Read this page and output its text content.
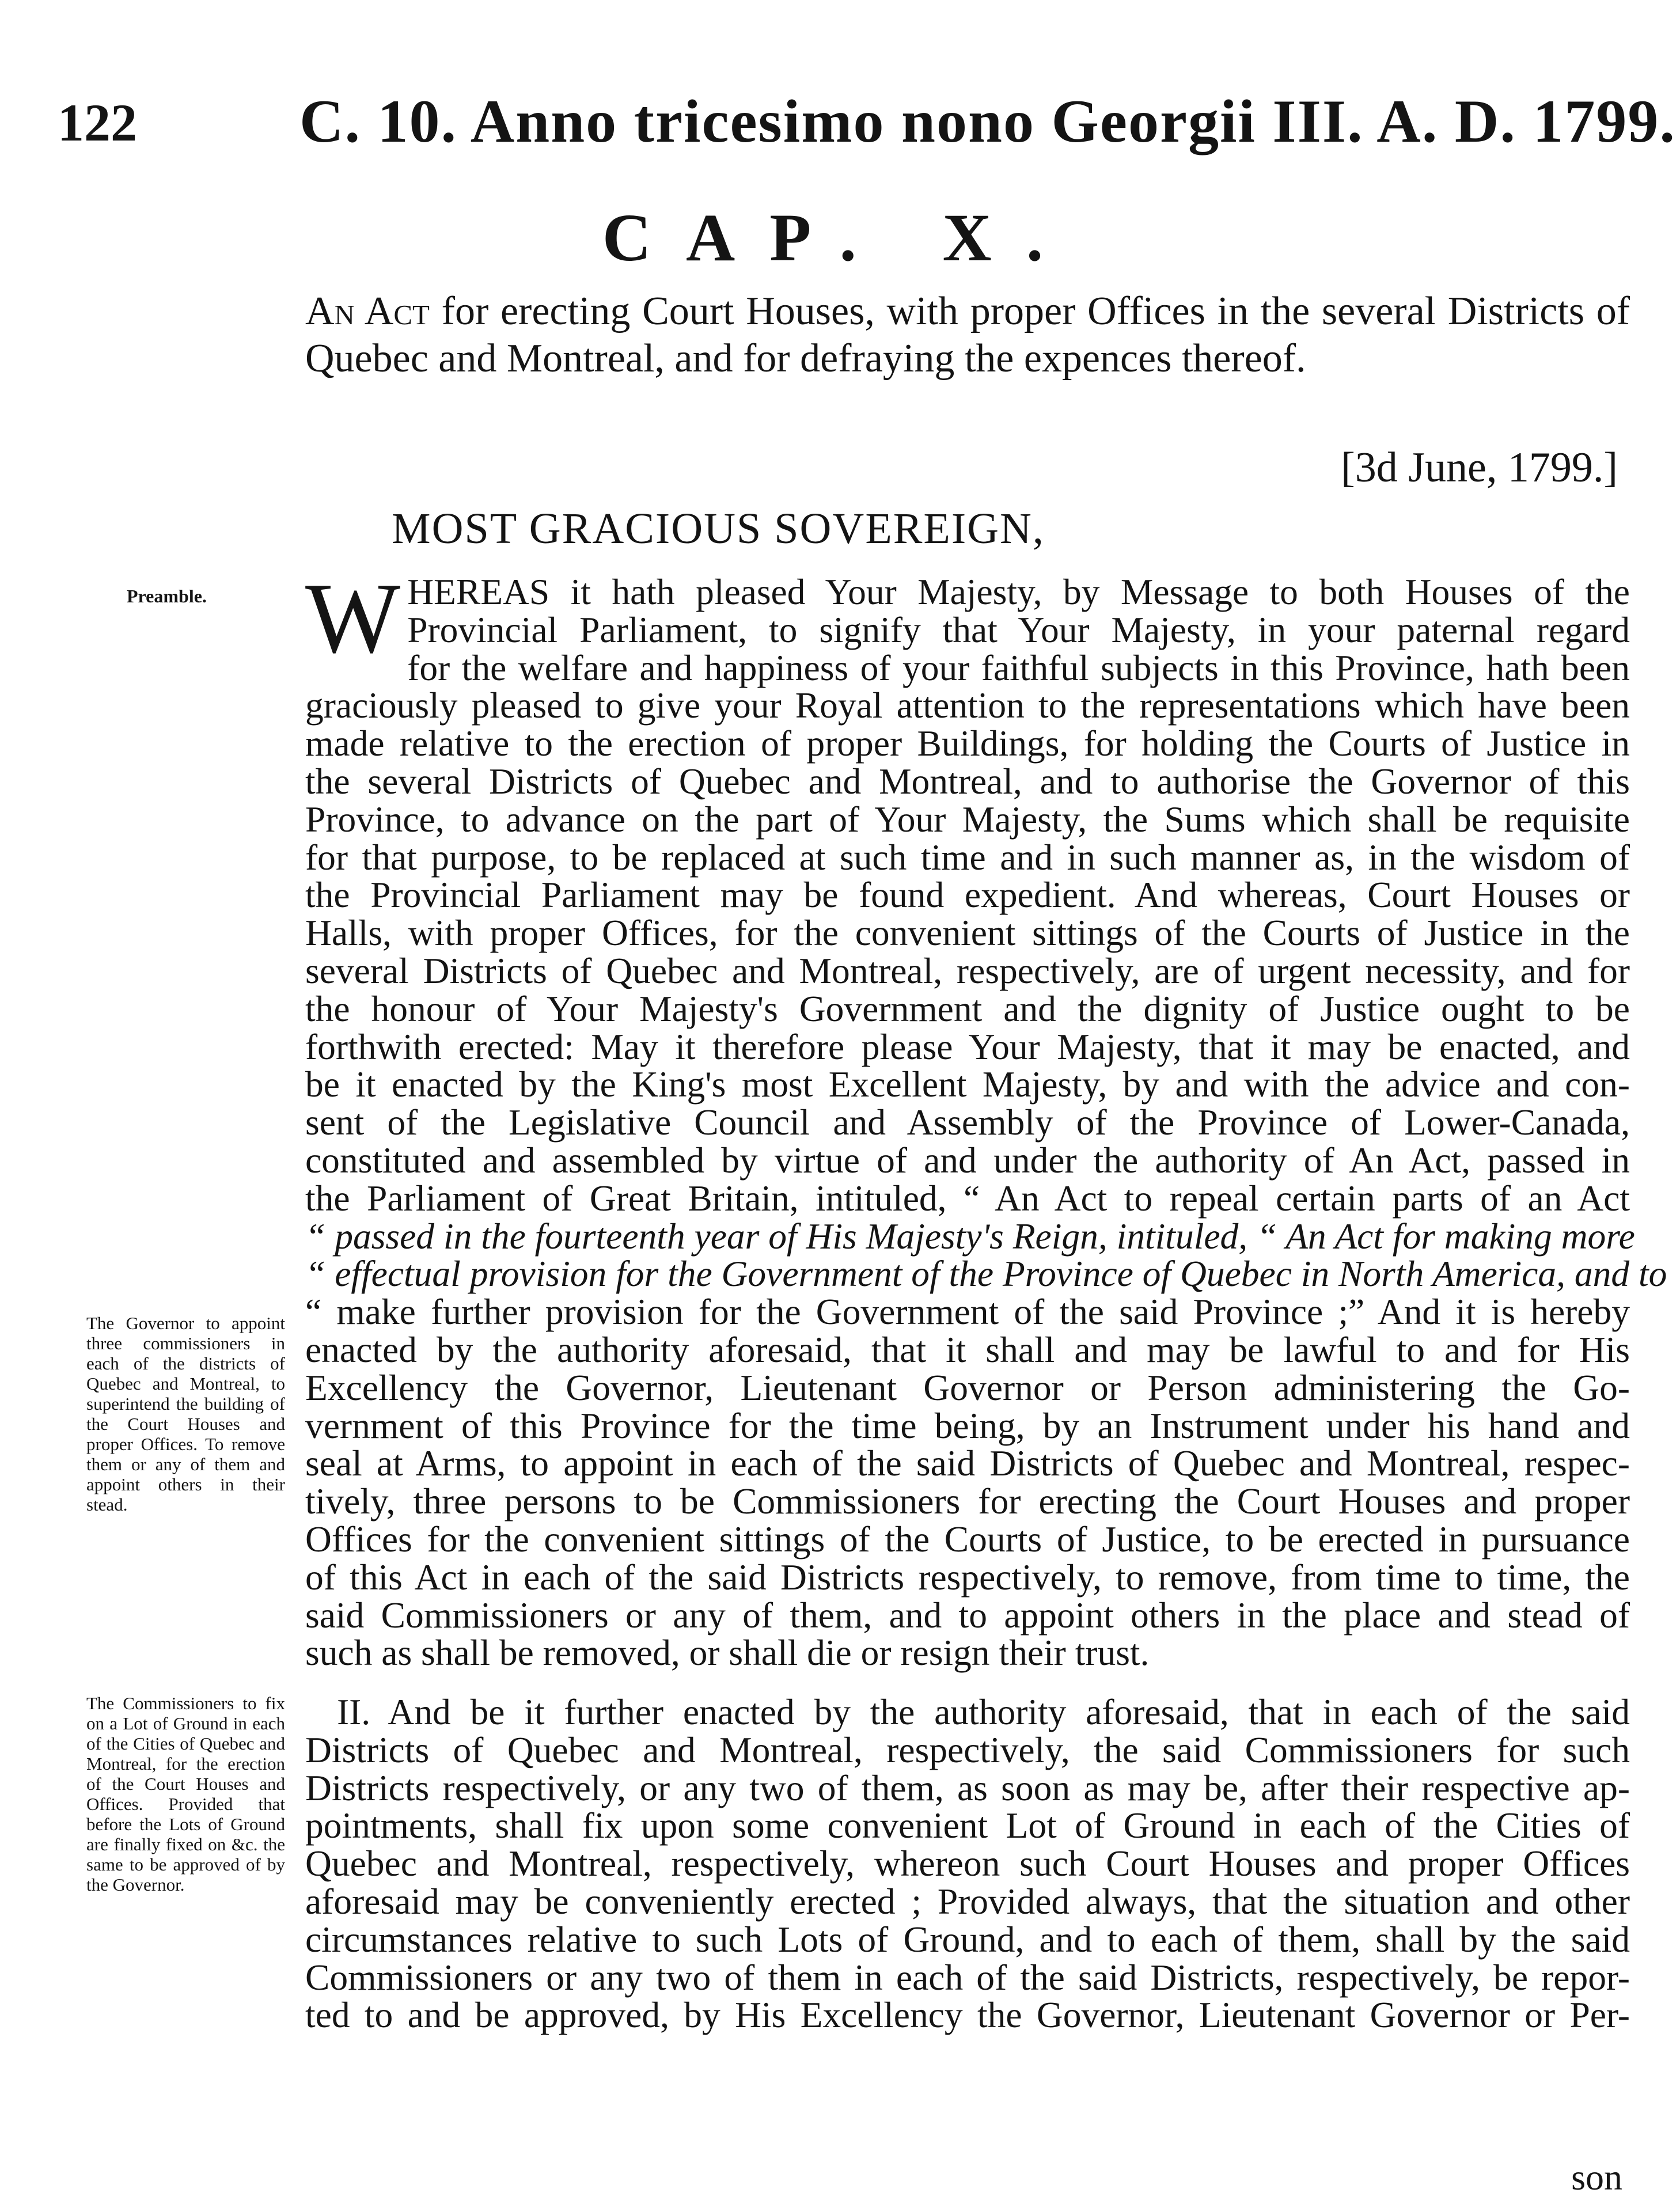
122	C. 10. Anno tricesimo nono Georgii III. A. D. 1799.
CAP. X.
An Act for erecting Court Houses, with proper Offices in the several Districts of Quebec and Montreal, and for defraying the expences thereof.
[3d June, 1799.]
MOST GRACIOUS SOVEREIGN,
Preamble.
The Governor to appoint three commissioners in each of the districts of Quebec and Montreal, to superintend the building of the Court Houses and proper Offices. To remove them or any of them and appoint others in their stead.
The Commissioners to fix on a Lot of Ground in each of the Cities of Quebec and Montreal, for the erection of the Court Houses and Offices. Provided that before the Lots of Ground are finally fixed on &c. the same to be approved of by the Governor.
W HEREAS it hath pleased Your Majesty, by Message to both Houses of the
Provincial Parliament, to signify that Your Majesty, in your paternal regard
for the welfare and happiness of your faithful subjects in this Province, hath been
graciously pleased to give your Royal attention to the representations which have been
made relative to the erection of proper Buildings, for holding the Courts of Justice in
the several Districts of Quebec and Montreal, and to authorise the Governor of this
Province, to advance on the part of Your Majesty, the Sums which shall be requisite
for that purpose, to be replaced at such time and in such manner as, in the wisdom of
the Provincial Parliament may be found expedient. And whereas, Court Houses or
Halls, with proper Offices, for the convenient sittings of the Courts of Justice in the
several Districts of Quebec and Montreal, respectively, are of urgent necessity, and for
the honour of Your Majesty's Government and the dignity of Justice ought to be
forthwith erected: May it therefore please Your Majesty, that it may be enacted, and
be it enacted by the King's most Excellent Majesty, by and with the advice and con-
sent of the Legislative Council and Assembly of the Province of Lower-Canada,
constituted and assembled by virtue of and under the authority of An Act, passed in
the Parliament of Great Britain, intituled, “ An Act to repeal certain parts of an Act
“ passed in the fourteenth year of His Majesty's Reign, intituled, “ An Act for making more
“ effectual provision for the Government of the Province of Quebec in North America, and to
“ make further provision for the Government of the said Province ;” And it is hereby
enacted by the authority aforesaid, that it shall and may be lawful to and for His
Excellency the Governor, Lieutenant Governor or Person administering the Go-
vernment of this Province for the time being, by an Instrument under his hand and
seal at Arms, to appoint in each of the said Districts of Quebec and Montreal, respec-
tively, three persons to be Commissioners for erecting the Court Houses and proper
Offices for the convenient sittings of the Courts of Justice, to be erected in pursuance
of this Act in each of the said Districts respectively, to remove, from time to time, the
said Commissioners or any of them, and to appoint others in the place and stead of
such as shall be removed, or shall die or resign their trust.
II. And be it further enacted by the authority aforesaid, that in each of the said
Districts of Quebec and Montreal, respectively, the said Commissioners for such
Districts respectively, or any two of them, as soon as may be, after their respective ap-
pointments, shall fix upon some convenient Lot of Ground in each of the Cities of
Quebec and Montreal, respectively, whereon such Court Houses and proper Offices
aforesaid may be conveniently erected ; Provided always, that the situation and other
circumstances relative to such Lots of Ground, and to each of them, shall by the said
Commissioners or any two of them in each of the said Districts, respectively, be repor-
ted to and be approved, by His Excellency the Governor, Lieutenant Governor or Per-
son
